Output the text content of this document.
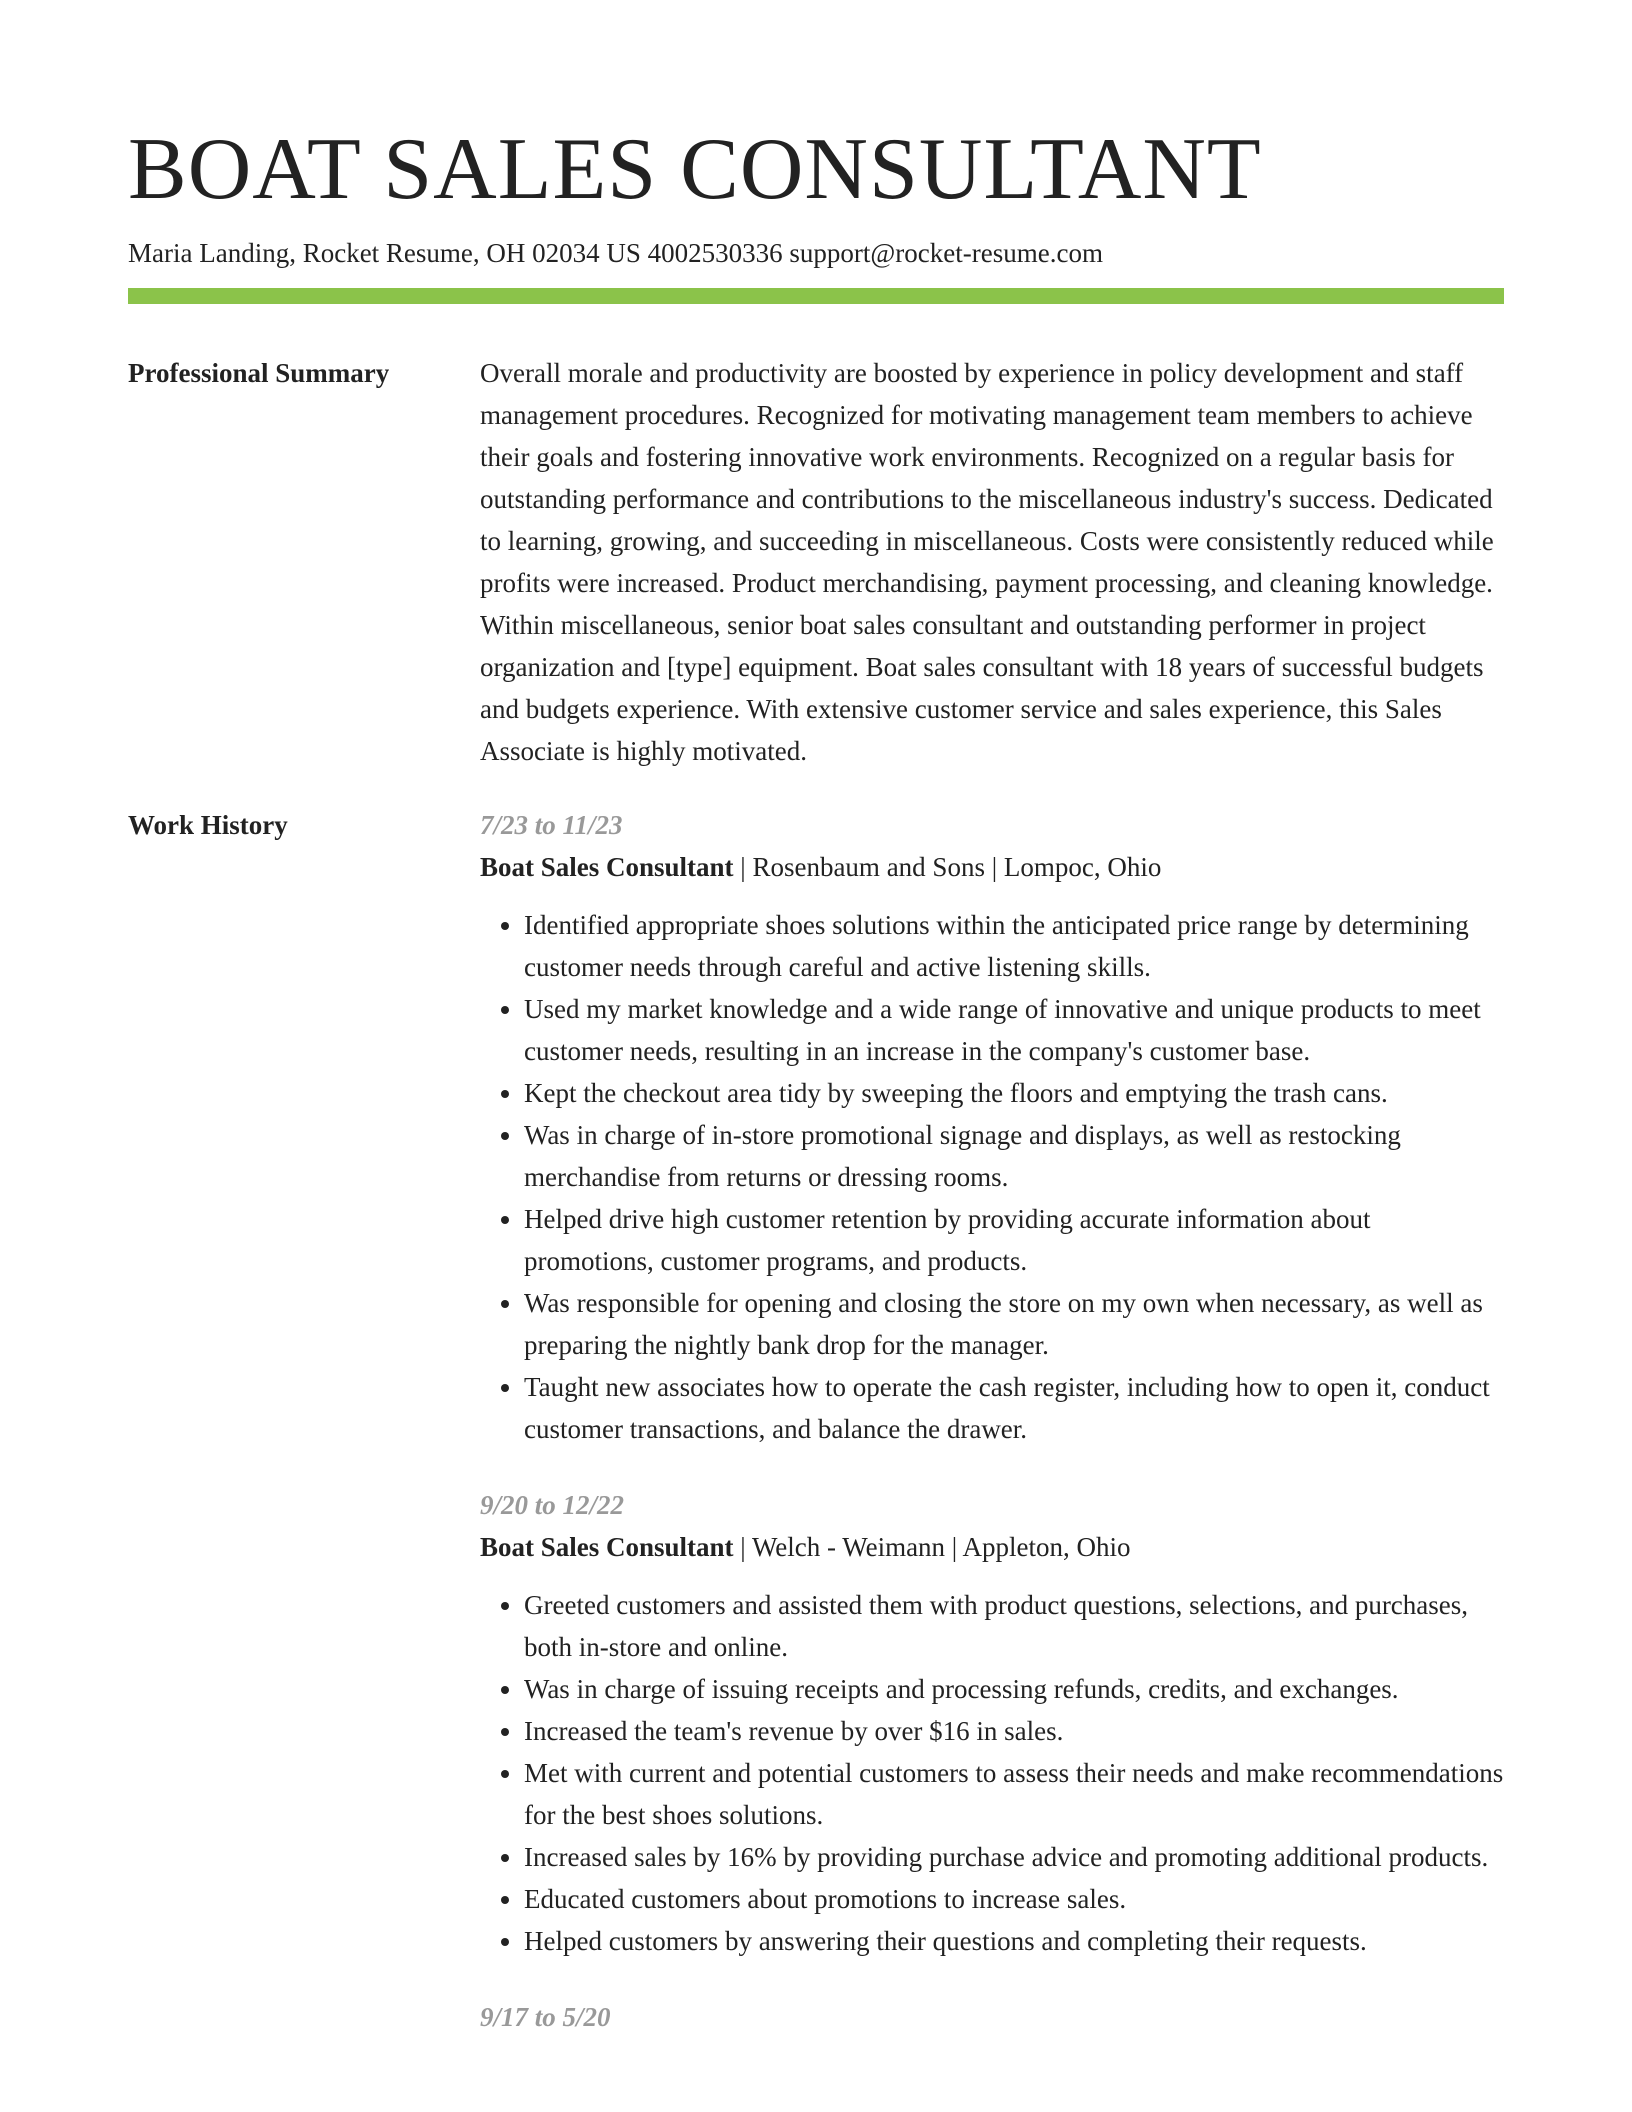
BOAT SALES CONSULTANT
Maria Landing, Rocket Resume, OH 02034 US 4002530336 support@rocket-resume.com
Professional Summary	Overall morale and productivity are boosted by experience in policy development and staff management procedures. Recognized for motivating management team members to achieve their goals and fostering innovative work environments. Recognized on a regular basis for outstanding performance and contributions to the miscellaneous industry's success. Dedicated to learning, growing, and succeeding in miscellaneous. Costs were consistently reduced while profits were increased. Product merchandising, payment processing, and cleaning knowledge. Within miscellaneous, senior boat sales consultant and outstanding performer in project organization and [type] equipment. Boat sales consultant with 18 years of successful budgets and budgets experience. With extensive customer service and sales experience, this Sales Associate is highly motivated.

Work History	7/23 to 11/23
Boat Sales Consultant | Rosenbaum and Sons | Lompoc, Ohio
• Identified appropriate shoes solutions within the anticipated price range by determining customer needs through careful and active listening skills.
• Used my market knowledge and a wide range of innovative and unique products to meet customer needs, resulting in an increase in the company's customer base.
• Kept the checkout area tidy by sweeping the floors and emptying the trash cans.
• Was in charge of in-store promotional signage and displays, as well as restocking merchandise from returns or dressing rooms.
• Helped drive high customer retention by providing accurate information about promotions, customer programs, and products.
• Was responsible for opening and closing the store on my own when necessary, as well as preparing the nightly bank drop for the manager.
• Taught new associates how to operate the cash register, including how to open it, conduct customer transactions, and balance the drawer.
9/20 to 12/22
Boat Sales Consultant | Welch - Weimann | Appleton, Ohio
• Greeted customers and assisted them with product questions, selections, and purchases, both in-store and online.
• Was in charge of issuing receipts and processing refunds, credits, and exchanges.
• Increased the team's revenue by over $16 in sales.
• Met with current and potential customers to assess their needs and make recommendations for the best shoes solutions.
• Increased sales by 16% by providing purchase advice and promoting additional products.
• Educated customers about promotions to increase sales.
• Helped customers by answering their questions and completing their requests.
9/17 to 5/20
